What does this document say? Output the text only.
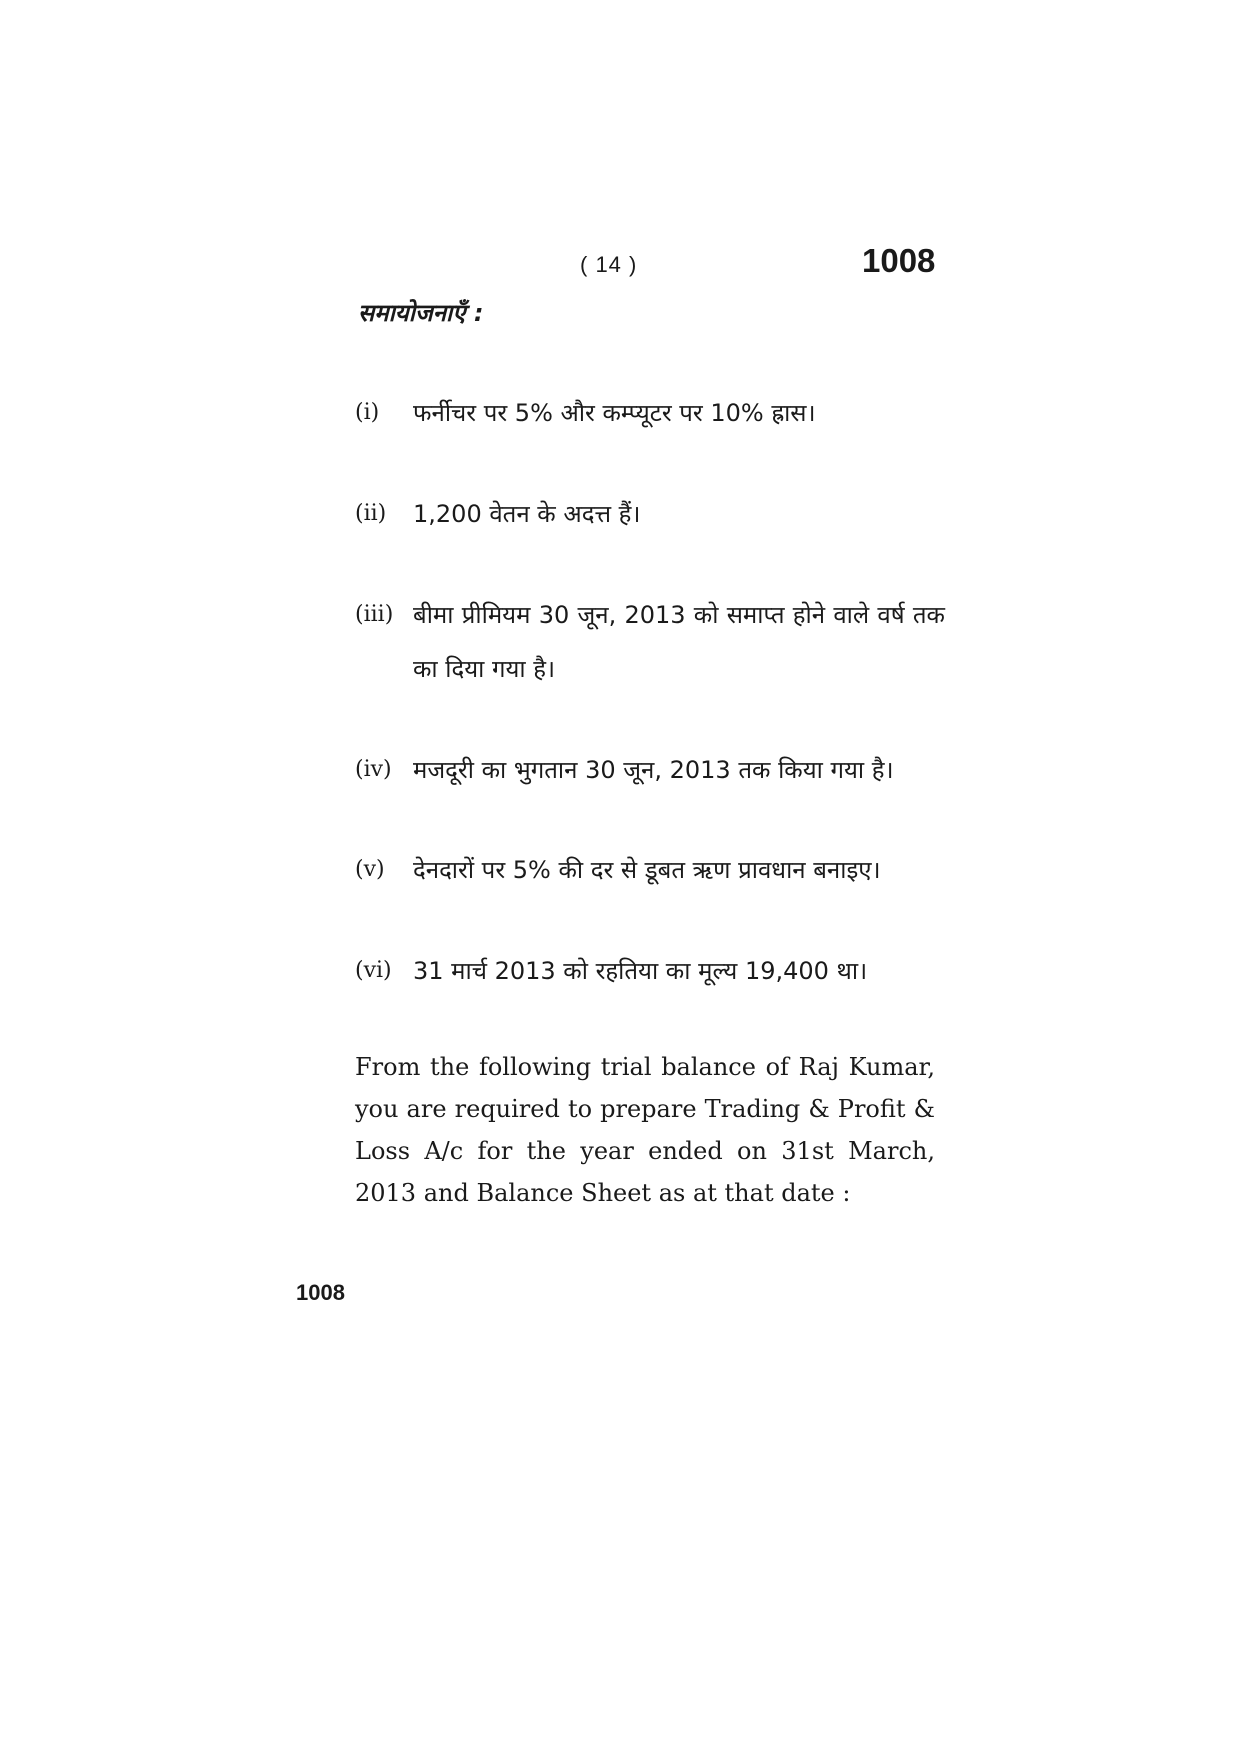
( 14 )	1008
समायोजनाएँ :
(i)	फर्नीचर पर 5% और कम्प्यूटर पर 10% ह्रास।
(ii)	1,200 वेतन के अदत्त हैं।
(iii) बीमा प्रीमियम 30 जून, 2013 को समाप्त होने वाले वर्ष तक का दिया गया है।
(iv) मजदूरी का भुगतान 30 जून, 2013 तक किया गया है।
(v)	देनदारों पर 5% की दर से डूबत ऋण प्रावधान बनाइए।
(vi) 31 मार्च 2013 को रहतिया का मूल्य 19,400 था।
From the following trial balance of Raj Kumar, you are required to prepare Trading & Profit & Loss A/c for the year ended on 31st March, 2013 and Balance Sheet as at that date :
1008
